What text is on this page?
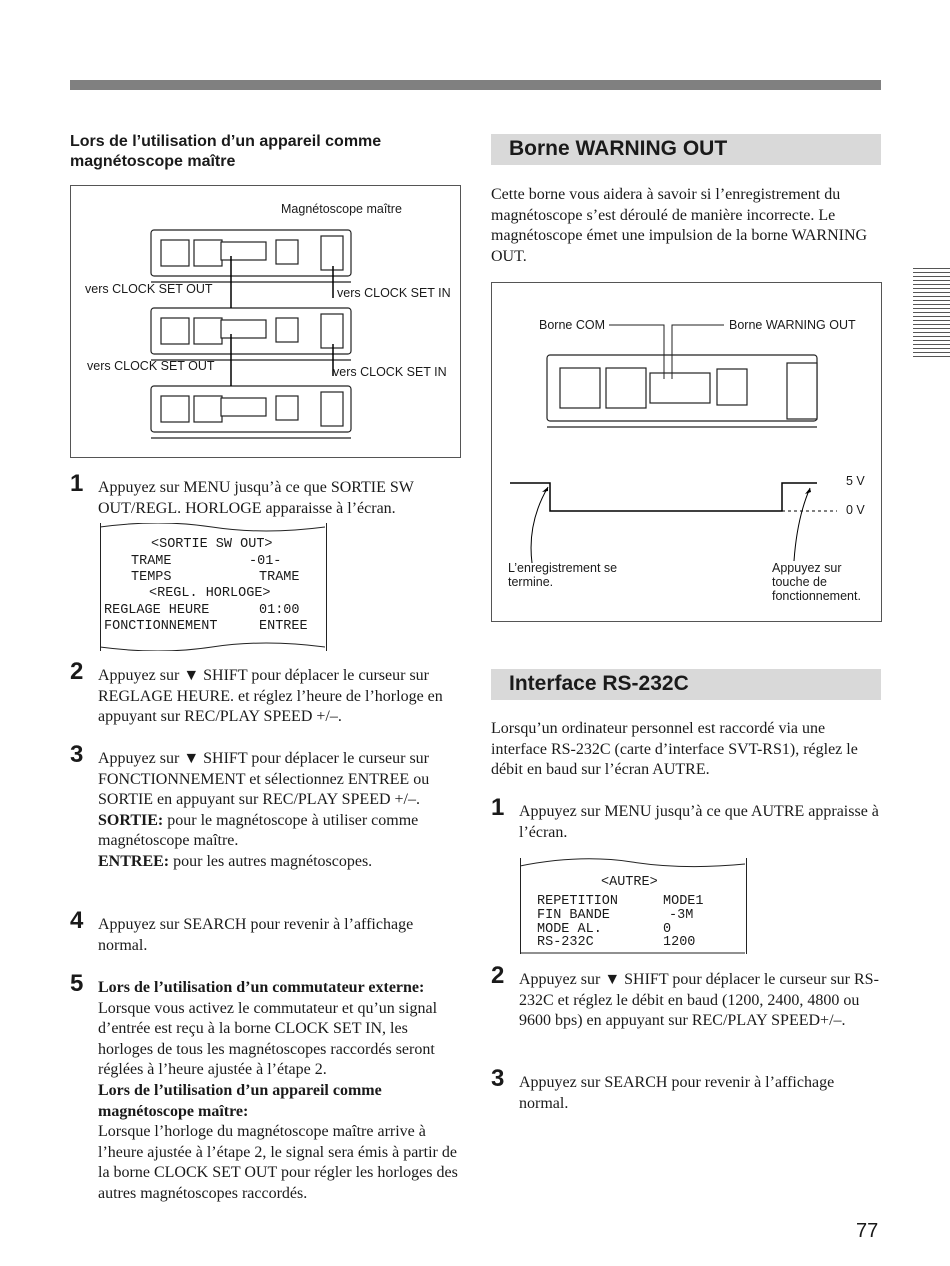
Lors de l’utilisation d’un appareil comme magnétoscope maître
Magnétoscope maître
vers CLOCK SET OUT	vers CLOCK SET IN
vers CLOCK SET OUT	vers CLOCK SET IN
1 Appuyez sur MENU jusqu’à ce que SORTIE SW OUT/REGL. HORLOGE apparaisse à l’écran.
<SORTIE SW OUT>
TRAME	-01-
TEMPS	TRAME
<REGL. HORLOGE>
REGLAGE HEURE	01:00
FONCTIONNEMENT	ENTREE
2 Appuyez sur ▼ SHIFT pour déplacer le curseur sur REGLAGE HEURE. et réglez l’heure de l’horloge en appuyant sur REC/PLAY SPEED +/–.
3 Appuyez sur ▼ SHIFT pour déplacer le curseur sur FONCTIONNEMENT et sélectionnez ENTREE ou SORTIE en appuyant sur REC/PLAY SPEED +/–.
SORTIE: pour le magnétoscope à utiliser comme magnétoscope maître.
ENTREE: pour les autres magnétoscopes.
4 Appuyez sur SEARCH pour revenir à l’affichage normal.
5 Lors de l’utilisation d’un commutateur externe:
Lorsque vous activez le commutateur et qu’un signal d’entrée est reçu à la borne CLOCK SET IN, les horloges de tous les magnétoscopes raccordés seront réglées à l’heure ajustée à l’étape 2.
Lors de l’utilisation d’un appareil comme magnétoscope maître:
Lorsque l’horloge du magnétoscope maître arrive à l’heure ajustée à l’étape 2, le signal sera émis à partir de la borne CLOCK SET OUT pour régler les horloges des autres magnétoscopes raccordés.
Borne WARNING OUT
Cette borne vous aidera à savoir si l’enregistrement du magnétoscope s’est déroulé de manière incorrecte. Le magnétoscope émet une impulsion de la borne WARNING OUT.
Borne COM	Borne WARNING OUT
5 V
0 V
L’enregistrement se
termine.
Appuyez sur
touche de
fonctionnement.
Interface RS-232C
Lorsqu’un ordinateur personnel est raccordé via une interface RS-232C (carte d’interface SVT-RS1), réglez le débit en baud sur l’écran AUTRE.
1 Appuyez sur MENU jusqu’à ce que AUTRE appraisse à l’écran.
<AUTRE>
REPETITION	MODE1
FIN BANDE	-3M
MODE AL.	0
RS-232C	1200
2 Appuyez sur ▼ SHIFT pour déplacer le curseur sur RS-232C et réglez le débit en baud (1200, 2400, 4800 ou 9600 bps) en appuyant sur REC/PLAY SPEED+/–.
3 Appuyez sur SEARCH pour revenir à l’affichage normal.
77
